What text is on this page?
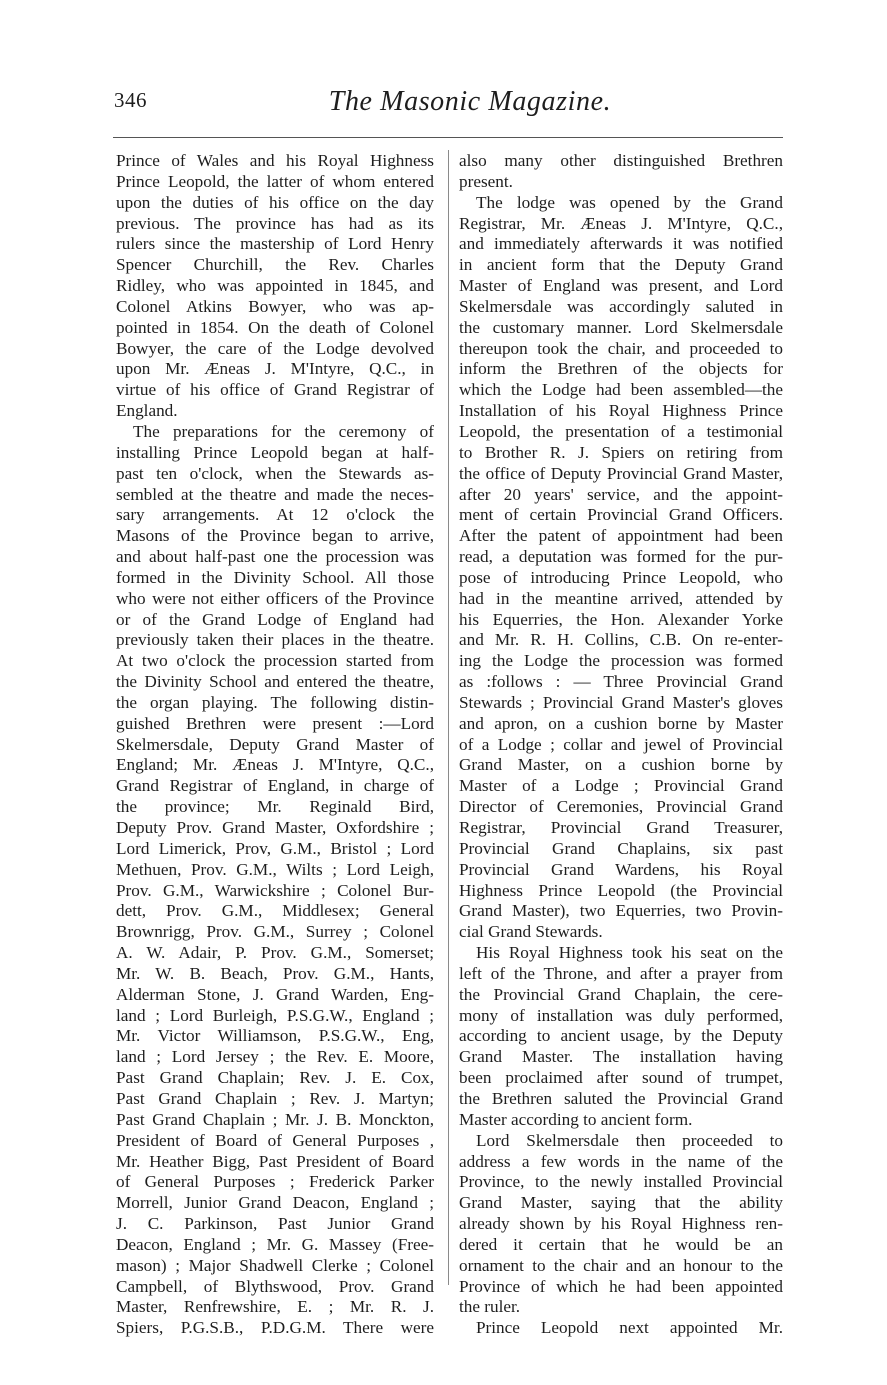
346	The Masonic Magazine.
Prince of Wales and his Royal Highness
Prince Leopold, the latter of whom entered
upon the duties of his office on the day
previous. The province has had as its
rulers since the mastership of Lord Henry
Spencer Churchill, the Rev. Charles
Ridley, who was appointed in 1845, and
Colonel Atkins Bowyer, who was ap-
pointed in 1854. On the death of Colonel
Bowyer, the care of the Lodge devolved
upon Mr. Æneas J. M'Intyre, Q.C., in
virtue of his office of Grand Registrar of
England.
The preparations for the ceremony of
installing Prince Leopold began at half-
past ten o'clock, when the Stewards as-
sembled at the theatre and made the neces-
sary arrangements. At 12 o'clock the
Masons of the Province began to arrive,
and about half-past one the procession was
formed in the Divinity School. All those
who were not either officers of the Province
or of the Grand Lodge of England had
previously taken their places in the theatre.
At two o'clock the procession started from
the Divinity School and entered the theatre,
the organ playing. The following distin-
guished Brethren were present :—Lord
Skelmersdale, Deputy Grand Master of
England; Mr. Æneas J. M'Intyre, Q.C.,
Grand Registrar of England, in charge of
the province; Mr. Reginald Bird,
Deputy Prov. Grand Master, Oxfordshire ;
Lord Limerick, Prov, G.M., Bristol ; Lord
Methuen, Prov. G.M., Wilts ; Lord Leigh,
Prov. G.M., Warwickshire ; Colonel Bur-
dett, Prov. G.M., Middlesex; General
Brownrigg, Prov. G.M., Surrey ; Colonel
A. W. Adair, P. Prov. G.M., Somerset;
Mr. W. B. Beach, Prov. G.M., Hants,
Alderman Stone, J. Grand Warden, Eng-
land ; Lord Burleigh, P.S.G.W., England ;
Mr. Victor Williamson, P.S.G.W., Eng,
land ; Lord Jersey ; the Rev. E. Moore,
Past Grand Chaplain; Rev. J. E. Cox,
Past Grand Chaplain ; Rev. J. Martyn;
Past Grand Chaplain ; Mr. J. B. Monckton,
President of Board of General Purposes ,
Mr. Heather Bigg, Past President of Board
of General Purposes ; Frederick Parker
Morrell, Junior Grand Deacon, England ;
J. C. Parkinson, Past Junior Grand
Deacon, England ; Mr. G. Massey (Free-
mason) ; Major Shadwell Clerke ; Colonel
Campbell, of Blythswood, Prov. Grand
Master, Renfrewshire, E. ; Mr. R. J.
Spiers, P.G.S.B., P.D.G.M. There were
also many other distinguished Brethren
present.
The lodge was opened by the Grand
Registrar, Mr. Æneas J. M'Intyre, Q.C.,
and immediately afterwards it was notified
in ancient form that the Deputy Grand
Master of England was present, and Lord
Skelmersdale was accordingly saluted in
the customary manner. Lord Skelmersdale
thereupon took the chair, and proceeded to
inform the Brethren of the objects for
which the Lodge had been assembled—the
Installation of his Royal Highness Prince
Leopold, the presentation of a testimonial
to Brother R. J. Spiers on retiring from
the office of Deputy Provincial Grand Master,
after 20 years' service, and the appoint-
ment of certain Provincial Grand Officers.
After the patent of appointment had been
read, a deputation was formed for the pur-
pose of introducing Prince Leopold, who
had in the meantine arrived, attended by
his Equerries, the Hon. Alexander Yorke
and Mr. R. H. Collins, C.B. On re-enter-
ing the Lodge the procession was formed
as :follows : — Three Provincial Grand
Stewards ; Provincial Grand Master's gloves
and apron, on a cushion borne by Master
of a Lodge ; collar and jewel of Provincial
Grand Master, on a cushion borne by
Master of a Lodge ; Provincial Grand
Director of Ceremonies, Provincial Grand
Registrar, Provincial Grand Treasurer,
Provincial Grand Chaplains, six past
Provincial Grand Wardens, his Royal
Highness Prince Leopold (the Provincial
Grand Master), two Equerries, two Provin-
cial Grand Stewards.
His Royal Highness took his seat on the
left of the Throne, and after a prayer from
the Provincial Grand Chaplain, the cere-
mony of installation was duly performed,
according to ancient usage, by the Deputy
Grand Master. The installation having
been proclaimed after sound of trumpet,
the Brethren saluted the Provincial Grand
Master according to ancient form.
Lord Skelmersdale then proceeded to
address a few words in the name of the
Province, to the newly installed Provincial
Grand Master, saying that the ability
already shown by his Royal Highness ren-
dered it certain that he would be an
ornament to the chair and an honour to the
Province of which he had been appointed
the ruler.
Prince Leopold next appointed Mr.
